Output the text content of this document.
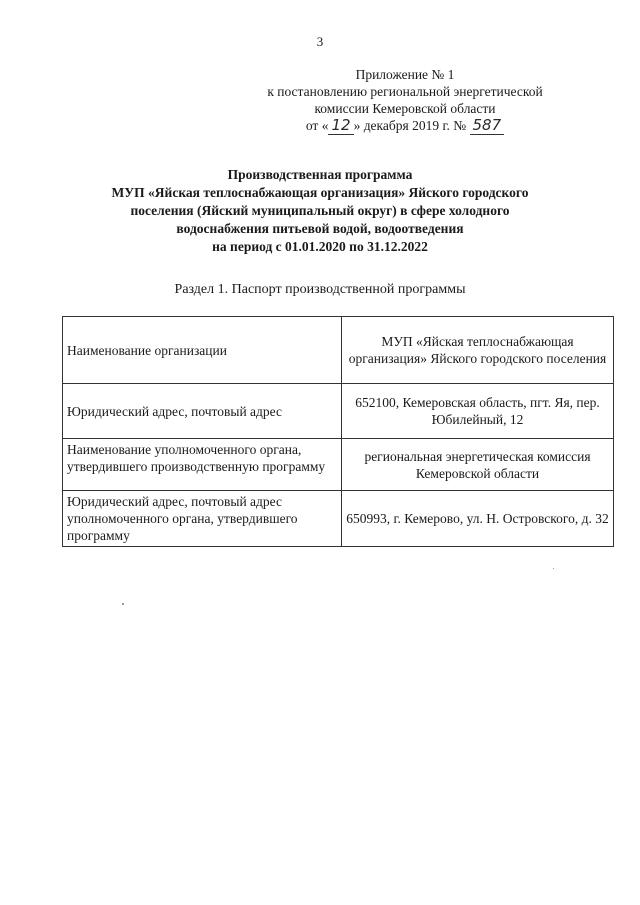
3
Приложение № 1
к постановлению региональной энергетической
комиссии Кемеровской области
от « 12 » декабря 2019 г. № 587
Производственная программа
МУП «Яйская теплоснабжающая организация» Яйского городского
поселения (Яйский муниципальный округ) в сфере холодного
водоснабжения питьевой водой, водоотведения
на период с 01.01.2020 по 31.12.2022
Раздел 1. Паспорт производственной программы
Наименование организации	МУП «Яйская теплоснабжающая организация» Яйского городского поселения
Юридический адрес, почтовый адрес	652100, Кемеровская область, пгт. Яя, пер. Юбилейный, 12
Наименование уполномоченного органа, утвердившего производственную программу	региональная энергетическая комиссия Кемеровской области
Юридический адрес, почтовый адрес уполномоченного органа, утвердившего программу	650993, г. Кемерово, ул. Н. Островского, д. 32
